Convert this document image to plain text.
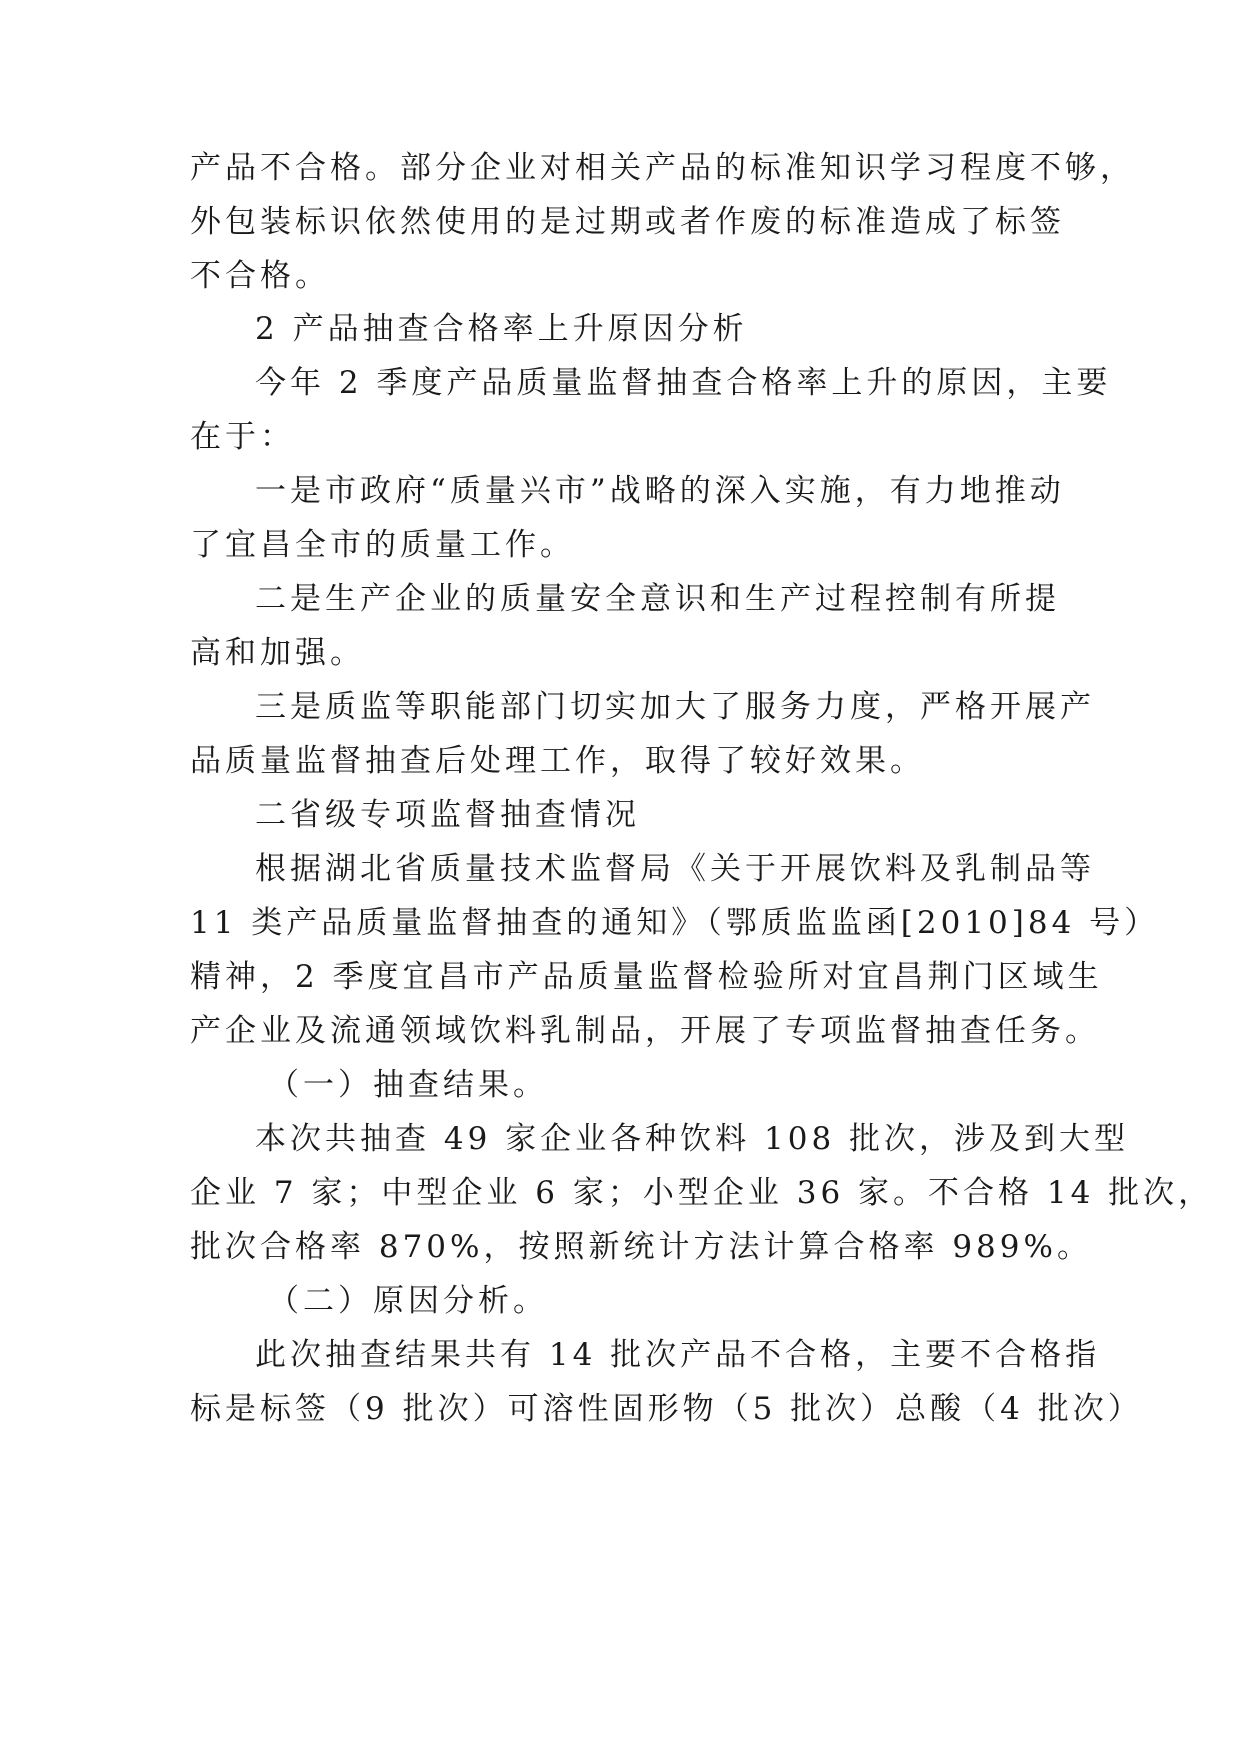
产品不合格。部分企业对相关产品的标准知识学习程度不够，
外包装标识依然使用的是过期或者作废的标准造成了标签
不合格。
2 产品抽查合格率上升原因分析
今年 2 季度产品质量监督抽查合格率上升的原因，主要
在于：
一是市政府“质量兴市”战略的深入实施，有力地推动
了宜昌全市的质量工作。
二是生产企业的质量安全意识和生产过程控制有所提
高和加强。
三是质监等职能部门切实加大了服务力度，严格开展产
品质量监督抽查后处理工作，取得了较好效果。
二省级专项监督抽查情况
根据湖北省质量技术监督局《关于开展饮料及乳制品等
11 类产品质量监督抽查的通知》（鄂质监监函[2010]84 号）
精神，2 季度宜昌市产品质量监督检验所对宜昌荆门区域生
产企业及流通领域饮料乳制品，开展了专项监督抽查任务。
（一）抽查结果。
本次共抽查 49 家企业各种饮料 108 批次，涉及到大型
企业 7 家；中型企业 6 家；小型企业 36 家。不合格 14 批次，
批次合格率 870%，按照新统计方法计算合格率 989%。
（二）原因分析。
此次抽查结果共有 14 批次产品不合格，主要不合格指
标是标签（9 批次）可溶性固形物（5 批次）总酸（4 批次）
